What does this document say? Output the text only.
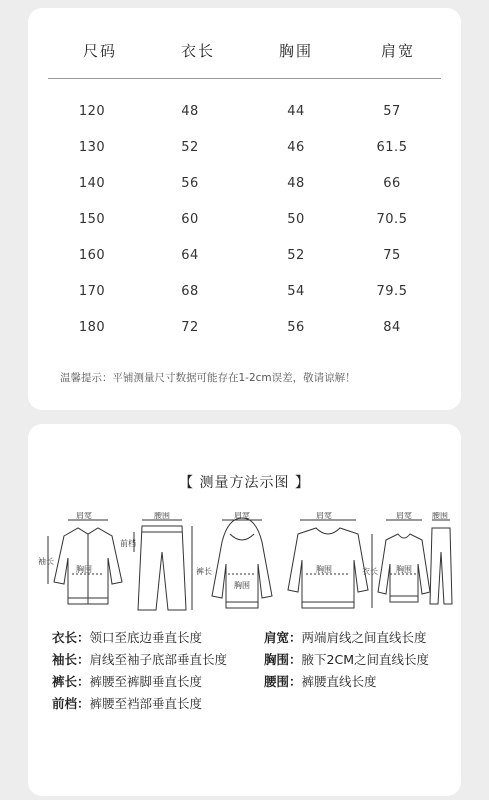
尺码	衣长	胸围	肩宽
120	48	44	57
130	52	46	61.5
140	56	48	66
150	60	50	70.5
160	64	52	75
170	68	54	79.5
180	72	56	84
温馨提示：平铺测量尺寸数据可能存在1-2cm误差，敬请谅解！
【 测量方法示图 】
肩宽
胸围
袖长
腰围
前档
裤长
肩宽
胸围
肩宽
胸围	衣长
肩宽
胸围
腰围
衣长：领口至底边垂直长度	肩宽：两端肩线之间直线长度
袖长：肩线至袖子底部垂直长度	胸围：腋下2CM之间直线长度
裤长：裤腰至裤脚垂直长度	腰围：裤腰直线长度
前档：裤腰至裆部垂直长度
